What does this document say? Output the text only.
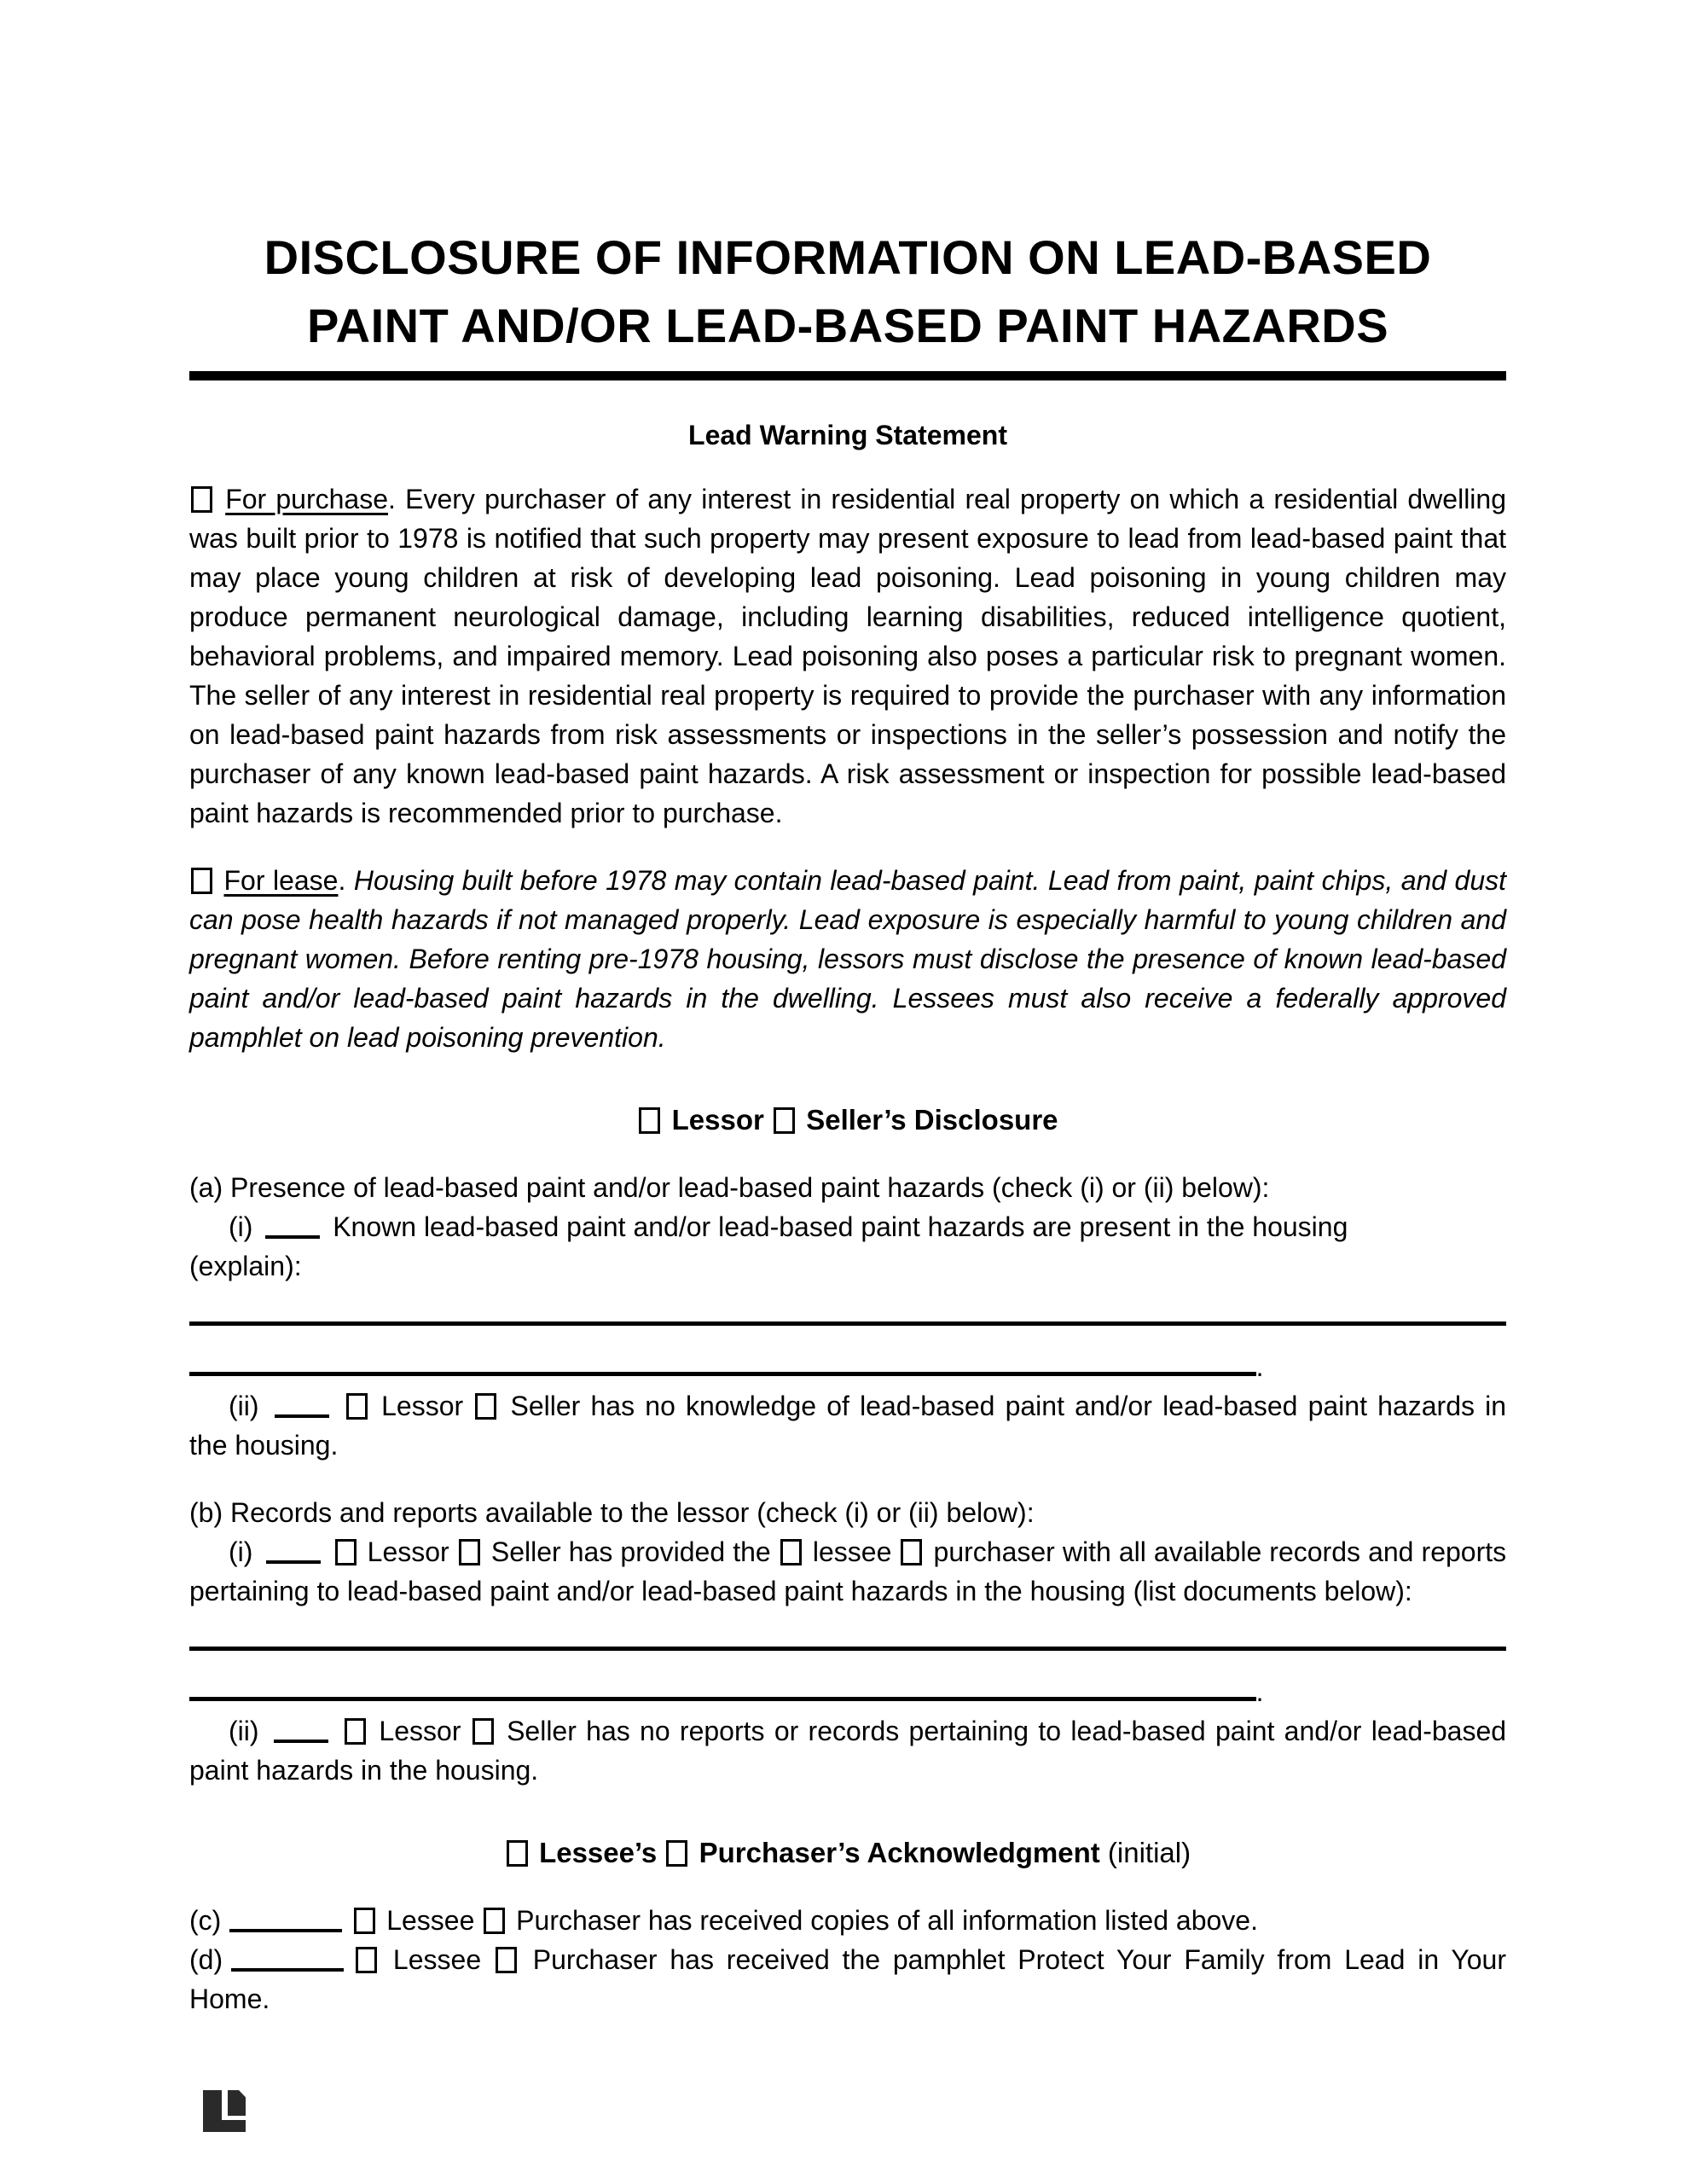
DISCLOSURE OF INFORMATION ON LEAD-BASED
PAINT AND/OR LEAD-BASED PAINT HAZARDS
Lead Warning Statement

For purchase. Every purchaser of any interest in residential real property on which a residential dwelling was built prior to 1978 is notified that such property may present exposure to lead from lead-based paint that may place young children at risk of developing lead poisoning. Lead poisoning in young children may produce permanent neurological damage, including learning disabilities, reduced intelligence quotient, behavioral problems, and impaired memory. Lead poisoning also poses a particular risk to pregnant women. The seller of any interest in residential real property is required to provide the purchaser with any information on lead-based paint hazards from risk assessments or inspections in the seller’s possession and notify the purchaser of any known lead-based paint hazards. A risk assessment or inspection for possible lead-based paint hazards is recommended prior to purchase.

For lease. Housing built before 1978 may contain lead-based paint. Lead from paint, paint chips, and dust can pose health hazards if not managed properly. Lead exposure is especially harmful to young children and pregnant women. Before renting pre-1978 housing, lessors must disclose the presence of known lead-based paint and/or lead-based paint hazards in the dwelling. Lessees must also receive a federally approved pamphlet on lead poisoning prevention.

Lessor Seller’s Disclosure

(a) Presence of lead-based paint and/or lead-based paint hazards (check (i) or (ii) below):

(i)	Known lead-based paint and/or lead-based paint hazards are present in the housing
(explain):

.

(ii)	Lessor Seller has no knowledge of lead-based paint and/or lead-based paint hazards in the housing.

(b) Records and reports available to the lessor (check (i) or (ii) below):

(i)	Lessor Seller has provided the lessee purchaser with all available records and reports pertaining to lead-based paint and/or lead-based paint hazards in the housing (list documents below):

.

(ii)	Lessor Seller has no reports or records pertaining to lead-based paint and/or lead-based paint hazards in the housing.

Lessee’s Purchaser’s Acknowledgment (initial)

(c)	Lessee Purchaser has received copies of all information listed above.

(d)	Lessee Purchaser has received the pamphlet Protect Your Family from Lead in Your Home.
